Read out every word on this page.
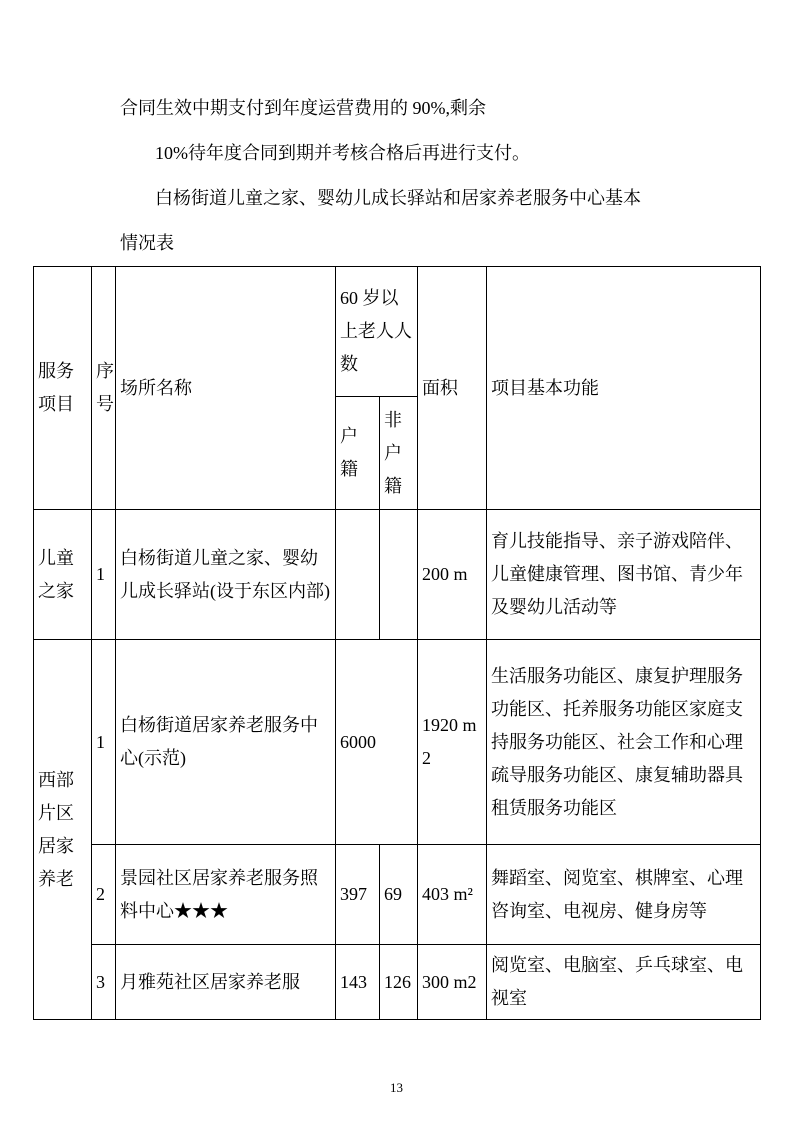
合同生效中期支付到年度运营费用的 90%,剩余
10%待年度合同到期并考核合格后再进行支付。
白杨街道儿童之家、婴幼儿成长驿站和居家养老服务中心基本
情况表
服务项目	序号	场所名称	60 岁以上老人人数		面积	项目基本功能
			户籍	非户籍		
儿童之家	1	白杨街道儿童之家、婴幼儿成长驿站(设于东区内部)			200 m	育儿技能指导、亲子游戏陪伴、儿童健康管理、图书馆、青少年及婴幼儿活动等
西部片区居家养老	1	白杨街道居家养老服务中心(示范)	6000		1920 m2	生活服务功能区、康复护理服务功能区、托养服务功能区家庭支持服务功能区、社会工作和心理疏导服务功能区、康复辅助器具租赁服务功能区
	2	景园社区居家养老服务照料中心★★★	397	69	403 m²	舞蹈室、阅览室、棋牌室、心理咨询室、电视房、健身房等
	3	月雅苑社区居家养老服	143	126	300 m2	阅览室、电脑室、乒乓球室、电视室
13
